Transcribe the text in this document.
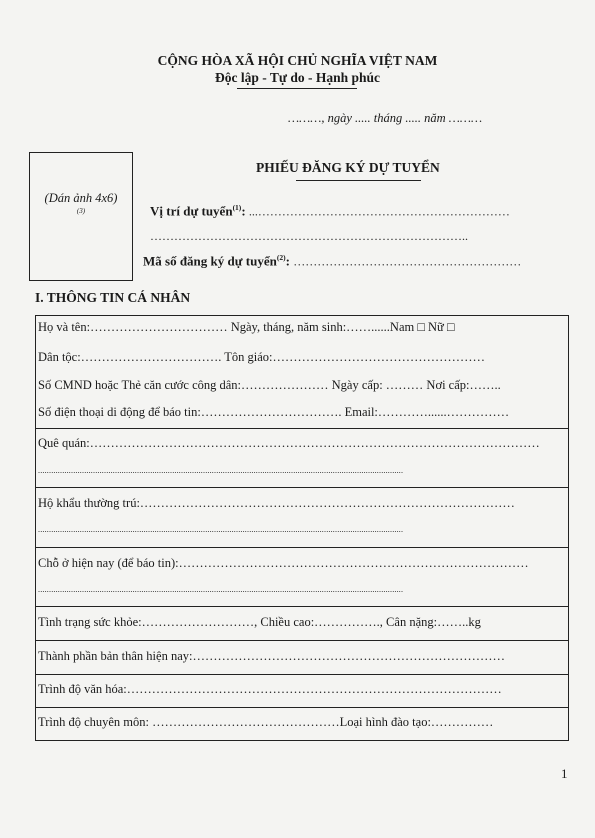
CỘNG HÒA XÃ HỘI CHỦ NGHĨA VIỆT NAM
Độc lập - Tự do - Hạnh phúc
………, ngày ..... tháng ..... năm ………
(Dán ảnh 4x6)
(3)
PHIẾU ĐĂNG KÝ DỰ TUYỂN
Vị trí dự tuyển$^{(1)}$: ...………………………………………………………
……………………………………………………………………..
Mã số đăng ký dự tuyển$^{(2)}$: …………………………………………………
I. THÔNG TIN CÁ NHÂN
Họ và tên:…………………………… Ngày, tháng, năm sinh:……......Nam □ Nữ □
Dân tộc:……………………………. Tôn giáo:……………………………………………
Số CMND hoặc Thẻ căn cước công dân:………………… Ngày cấp: ……… Nơi cấp:……..
Số điện thoại di động để báo tin:……………………………. Email:…………......……………
Quê quán:………………………………………………………………………………………………
......................................................................................................................................................................
Hộ khẩu thường trú:………………………………………………………………………………
......................................................................................................................................................................
Chỗ ở hiện nay (để báo tin):…………………………………………………………………………
......................................................................................................................................................................
Tình trạng sức khỏe:………………………, Chiều cao:……………., Cân nặng:……..kg
Thành phần bản thân hiện nay:…………………………………………………………………
Trình độ văn hóa:………………………………………………………………………………
Trình độ chuyên môn: ………………………………………Loại hình đào tạo:……………
1
